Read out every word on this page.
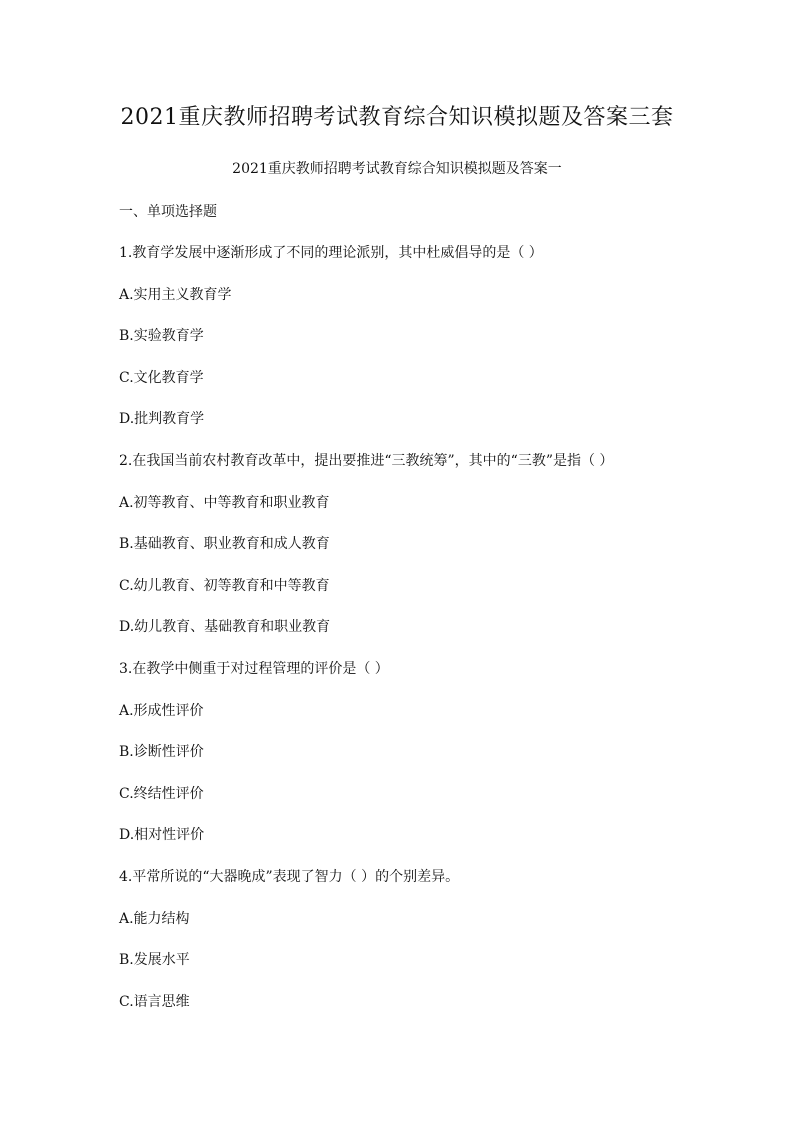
2021重庆教师招聘考试教育综合知识模拟题及答案三套
2021重庆教师招聘考试教育综合知识模拟题及答案一
一、单项选择题
1.教育学发展中逐渐形成了不同的理论派别，其中杜威倡导的是（ ）
A.实用主义教育学
B.实验教育学
C.文化教育学
D.批判教育学
2.在我国当前农村教育改革中，提出要推进“三教统筹”，其中的“三教”是指（ ）
A.初等教育、中等教育和职业教育
B.基础教育、职业教育和成人教育
C.幼儿教育、初等教育和中等教育
D.幼儿教育、基础教育和职业教育
3.在教学中侧重于对过程管理的评价是（ ）
A.形成性评价
B.诊断性评价
C.终结性评价
D.相对性评价
4.平常所说的“大器晚成”表现了智力（ ）的个别差异。
A.能力结构
B.发展水平
C.语言思维
